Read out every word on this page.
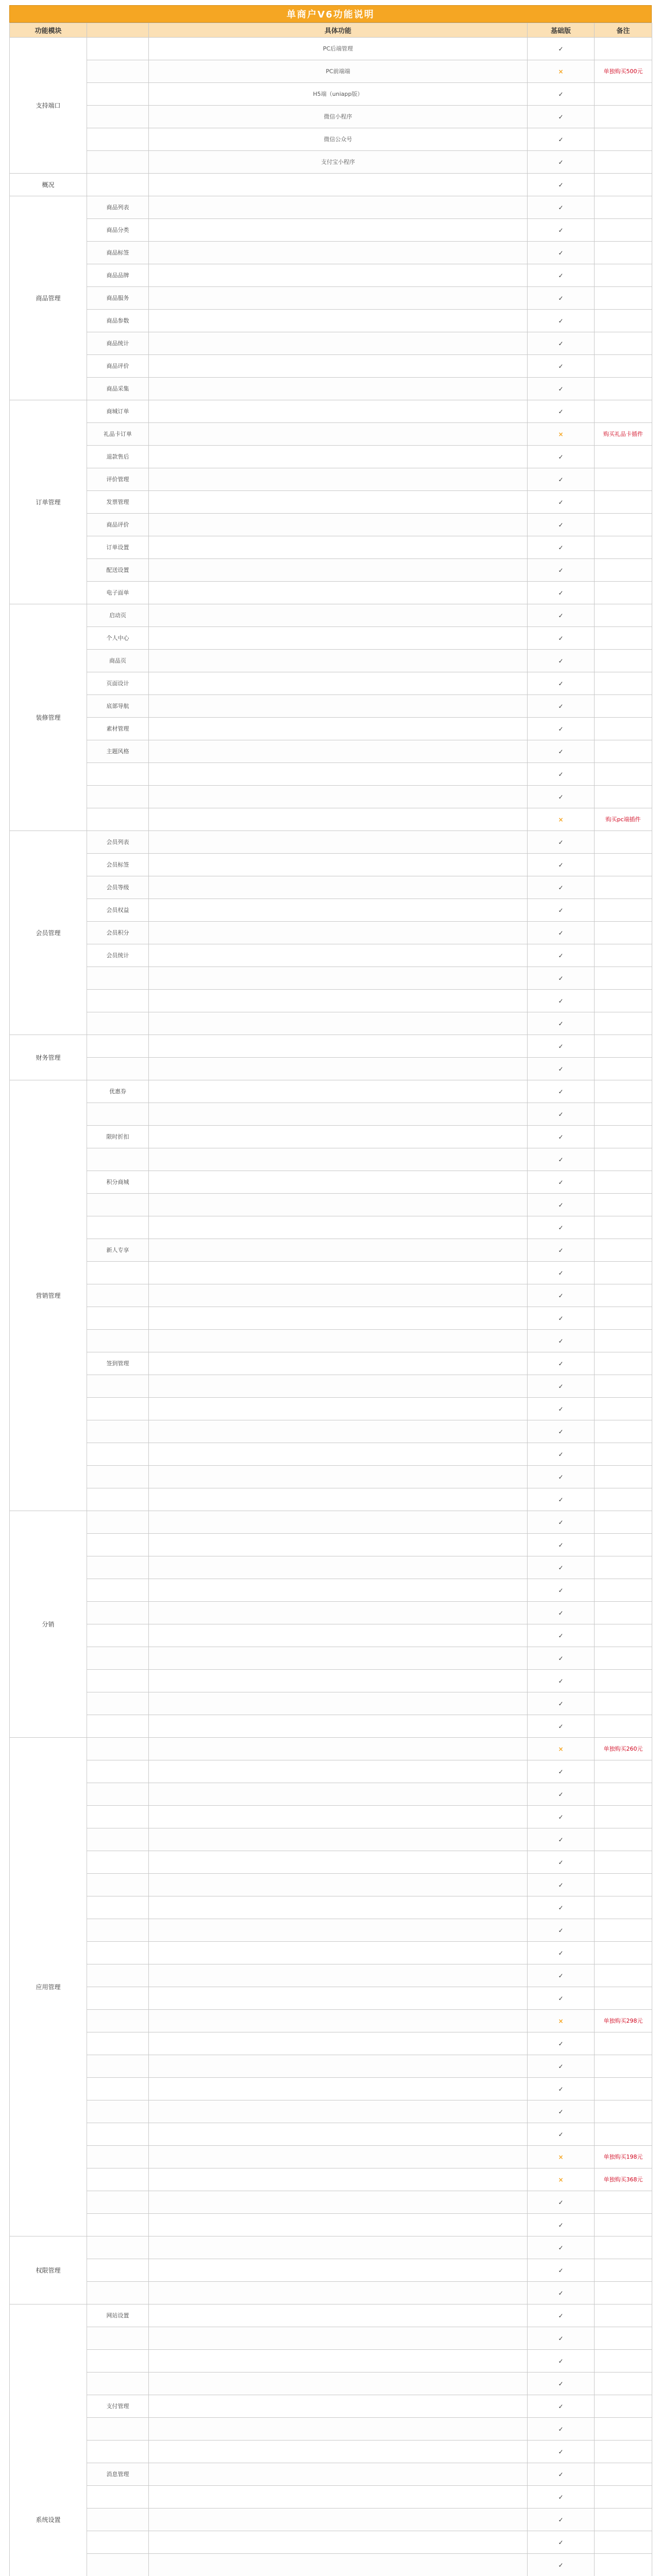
单商户V6功能说明
功能模块		具体功能	基础版	备注
支持端口		PC后端管理	✓	
		PC前端端	×	单独购买500元
		H5端（uniapp版）	✓	
		微信小程序	✓	
		微信公众号	✓	
		支付宝小程序	✓	
概况			✓	
商品管理	商品列表		✓	
	商品分类		✓	
	商品标签		✓	
	商品品牌		✓	
	商品服务		✓	
	商品参数		✓	
	商品统计		✓	
	商品评价		✓	
	商品采集		✓	
订单管理	商城订单		✓	
	礼品卡订单		×	购买礼品卡插件
	退款售后		✓	
	评价管理		✓	
	发票管理		✓	
	商品评价		✓	
	订单设置		✓	
	配送设置		✓	
	电子面单		✓	
装修管理	启动页		✓	
	个人中心		✓	
	商品页		✓	
	页面设计		✓	
	底部导航		✓	
	素材管理		✓	
	主题风格		✓	
			✓	
			✓	
			×	购买pc端插件
会员管理	会员列表		✓	
	会员标签		✓	
	会员等级		✓	
	会员权益		✓	
	会员积分		✓	
	会员统计		✓	
			✓	
			✓	
			✓	
财务管理			✓	
			✓	
营销管理	优惠券		✓	
			✓	
	限时折扣		✓	
			✓	
	积分商城		✓	
			✓	
			✓	
	新人专享		✓	
			✓	
			✓	
			✓	
			✓	
	签到管理		✓	
			✓	
			✓	
			✓	
			✓	
			✓	
			✓	
分销			✓	
			✓	
			✓	
			✓	
			✓	
			✓	
			✓	
			✓	
			✓	
			✓	
应用管理			×	单独购买260元
			✓	
			✓	
			✓	
			✓	
			✓	
			✓	
			✓	
			✓	
			✓	
			✓	
			✓	
			×	单独购买298元
			✓	
			✓	
			✓	
			✓	
			✓	
			×	单独购买198元
			×	单独购买368元
			✓	
			✓	
权限管理			✓	
			✓	
			✓	
系统设置	网站设置		✓	
			✓	
			✓	
			✓	
	支付管理		✓	
			✓	
			✓	
	消息管理		✓	
			✓	
			✓	
			✓	
			✓	
